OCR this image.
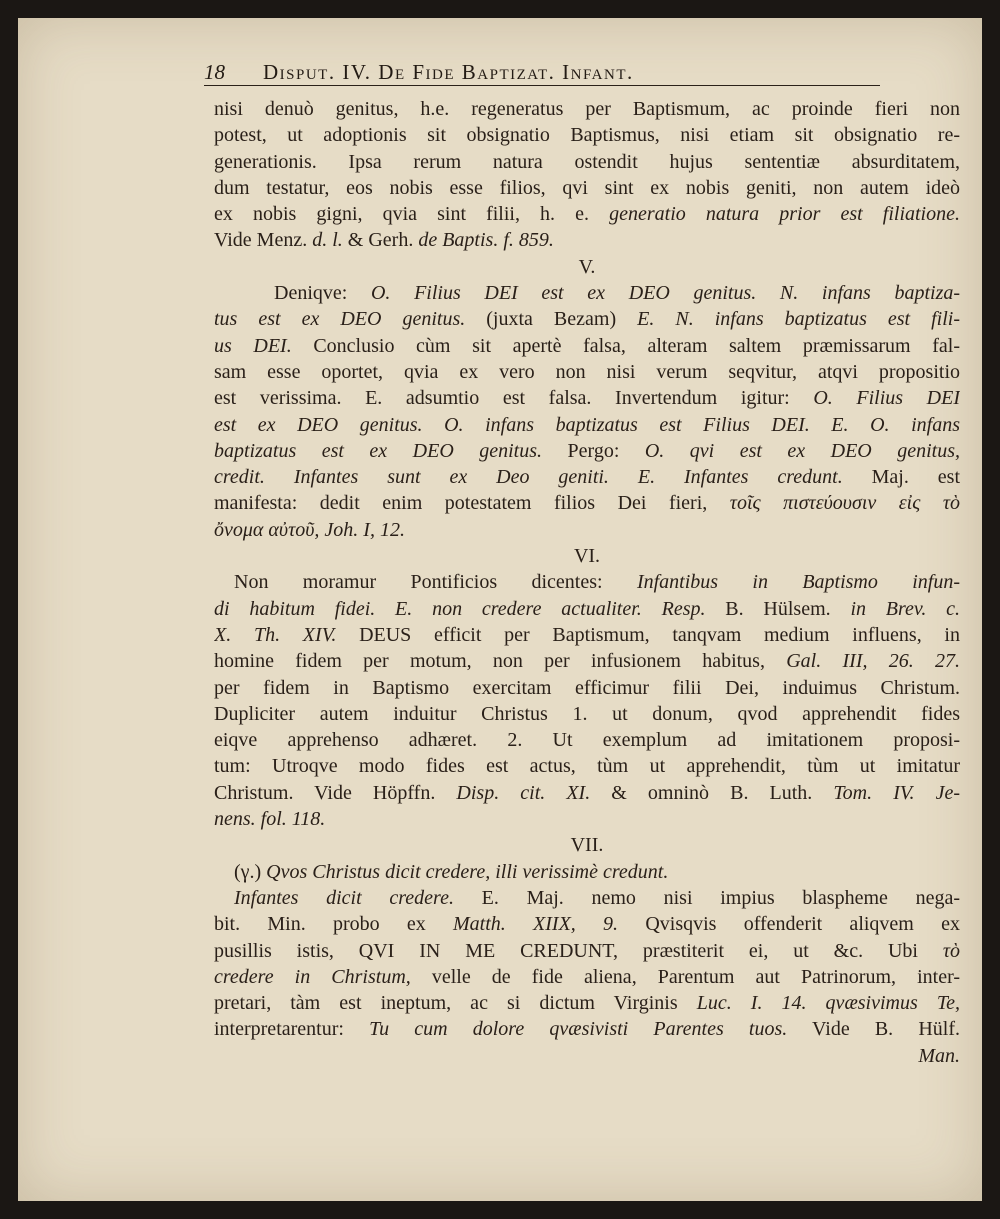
18 Disput. IV. De Fide Baptizat. Infant.
nisi denuò genitus, h.e. regeneratus per Baptismum, ac proinde fieri non
potest, ut adoptionis sit obsignatio Baptismus, nisi etiam sit obsignatio re-
generationis. Ipsa rerum natura ostendit hujus sententiæ absurditatem,
dum testatur, eos nobis esse filios, qvi sint ex nobis geniti, non autem ideò
ex nobis gigni, qvia sint filii, h. e. generatio natura prior est filiatione.
Vide Menz. d. l. & Gerh. de Baptis. f. 859.
V.
Deniqve: O. Filius DEI est ex DEO genitus. N. infans baptiza-
tus est ex DEO genitus. (juxta Bezam) E. N. infans baptizatus est fili-
us DEI. Conclusio cùm sit apertè falsa, alteram saltem præmissarum fal-
sam esse oportet, qvia ex vero non nisi verum seqvitur, atqvi propositio
est verissima. E. adsumtio est falsa. Invertendum igitur: O. Filius DEI
est ex DEO genitus. O. infans baptizatus est Filius DEI. E. O. infans
baptizatus est ex DEO genitus. Pergo: O. qvi est ex DEO genitus,
credit. Infantes sunt ex Deo geniti. E. Infantes credunt. Maj. est
manifesta: dedit enim potestatem filios Dei fieri, τοῖς πιστεύουσιν εἰς τὸ
ὄνομα αὐτοῦ, Joh. I, 12.
VI.
Non moramur Pontificios dicentes: Infantibus in Baptismo infun-
di habitum fidei. E. non credere actualiter. Resp. B. Hülsem. in Brev. c.
X. Th. XIV. DEUS efficit per Baptismum, tanqvam medium influens, in
homine fidem per motum, non per infusionem habitus, Gal. III, 26. 27.
per fidem in Baptismo exercitam efficimur filii Dei, induimus Christum.
Dupliciter autem induitur Christus 1. ut donum, qvod apprehendit fides
eiqve apprehenso adhæret. 2. Ut exemplum ad imitationem proposi-
tum: Utroqve modo fides est actus, tùm ut apprehendit, tùm ut imitatur
Christum. Vide Höpffn. Disp. cit. XI. & omninò B. Luth. Tom. IV. Je-
nens. fol. 118.
VII.
(γ.) Qvos Christus dicit credere, illi verissimè credunt.
Infantes dicit credere. E. Maj. nemo nisi impius blaspheme nega-
bit. Min. probo ex Matth. XIIX, 9. Qvisqvis offenderit aliqvem ex
pusillis istis, QVI IN ME CREDUNT, præstiterit ei, ut &c. Ubi τὸ
credere in Christum, velle de fide aliena, Parentum aut Patrinorum, inter-
pretari, tàm est ineptum, ac si dictum Virginis Luc. I. 14. qvæsivimus Te,
interpretarentur: Tu cum dolore qvæsivisti Parentes tuos. Vide B. Hülf.
Man.
